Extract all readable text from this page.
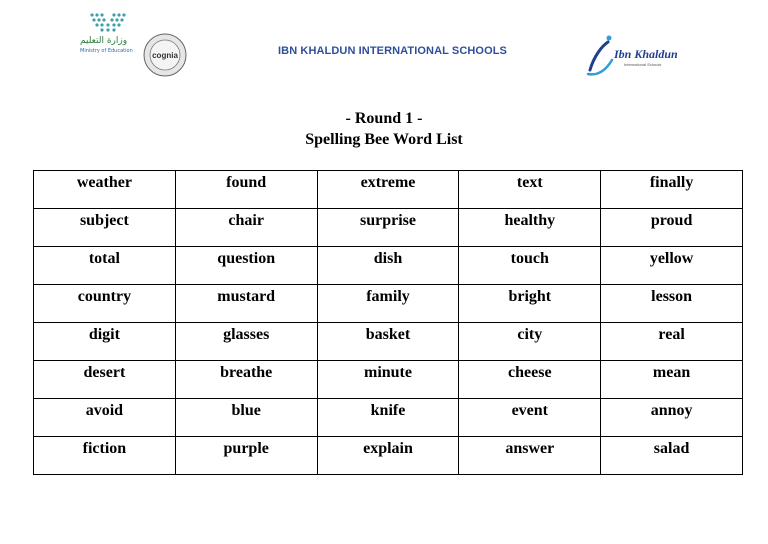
وزارة التعليم
Ministry of Education cognia	IBN KHALDUN INTERNATIONAL SCHOOLS	Ibn Khaldun
International Schools
- Round 1 -
Spelling Bee Word List
weather	found	extreme	text	finally
subject	chair	surprise	healthy	proud
total	question	dish	touch	yellow
country	mustard	family	bright	lesson
digit	glasses	basket	city	real
desert	breathe	minute	cheese	mean
avoid	blue	knife	event	annoy
fiction	purple	explain	answer	salad
